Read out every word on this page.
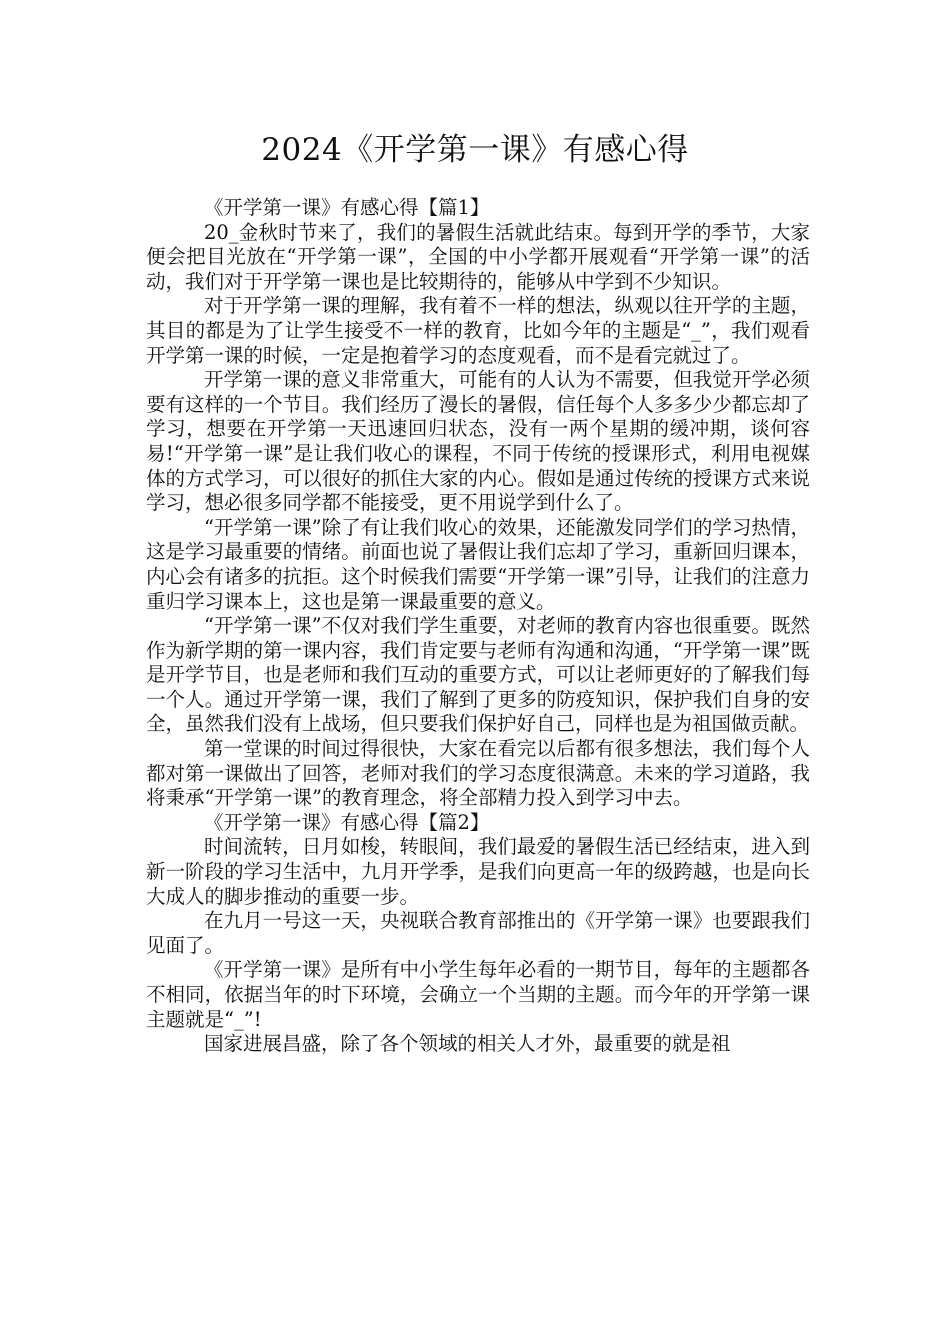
2024《开学第一课》有感心得
《开学第一课》有感心得【篇1】

20_金秋时节来了，我们的暑假生活就此结束。每到开学的季节，大家便会把目光放在“开学第一课”，全国的中小学都开展观看“开学第一课”的活动，我们对于开学第一课也是比较期待的，能够从中学到不少知识。

对于开学第一课的理解，我有着不一样的想法，纵观以往开学的主题，其目的都是为了让学生接受不一样的教育，比如今年的主题是“_”，我们观看开学第一课的时候，一定是抱着学习的态度观看，而不是看完就过了。

开学第一课的意义非常重大，可能有的人认为不需要，但我觉开学必须要有这样的一个节目。我们经历了漫长的暑假，信任每个人多多少少都忘却了学习，想要在开学第一天迅速回归状态，没有一两个星期的缓冲期，谈何容易!“开学第一课”是让我们收心的课程，不同于传统的授课形式，利用电视媒体的方式学习，可以很好的抓住大家的内心。假如是通过传统的授课方式来说学习，想必很多同学都不能接受，更不用说学到什么了。

“开学第一课”除了有让我们收心的效果，还能激发同学们的学习热情，这是学习最重要的情绪。前面也说了暑假让我们忘却了学习，重新回归课本，内心会有诸多的抗拒。这个时候我们需要“开学第一课”引导，让我们的注意力重归学习课本上，这也是第一课最重要的意义。

“开学第一课”不仅对我们学生重要，对老师的教育内容也很重要。既然作为新学期的第一课内容，我们肯定要与老师有沟通和沟通，“开学第一课”既是开学节目，也是老师和我们互动的重要方式，可以让老师更好的了解我们每一个人。通过开学第一课，我们了解到了更多的防疫知识，保护我们自身的安全，虽然我们没有上战场，但只要我们保护好自己，同样也是为祖国做贡献。

第一堂课的时间过得很快，大家在看完以后都有很多想法，我们每个人都对第一课做出了回答，老师对我们的学习态度很满意。未来的学习道路，我将秉承“开学第一课”的教育理念，将全部精力投入到学习中去。

《开学第一课》有感心得【篇2】

时间流转，日月如梭，转眼间，我们最爱的暑假生活已经结束，进入到新一阶段的学习生活中，九月开学季，是我们向更高一年的级跨越，也是向长大成人的脚步推动的重要一步。

在九月一号这一天，央视联合教育部推出的《开学第一课》也要跟我们见面了。

《开学第一课》是所有中小学生每年必看的一期节目，每年的主题都各不相同，依据当年的时下环境，会确立一个当期的主题。而今年的开学第一课主题就是“_”!

国家进展昌盛，除了各个领域的相关人才外，最重要的就是祖
